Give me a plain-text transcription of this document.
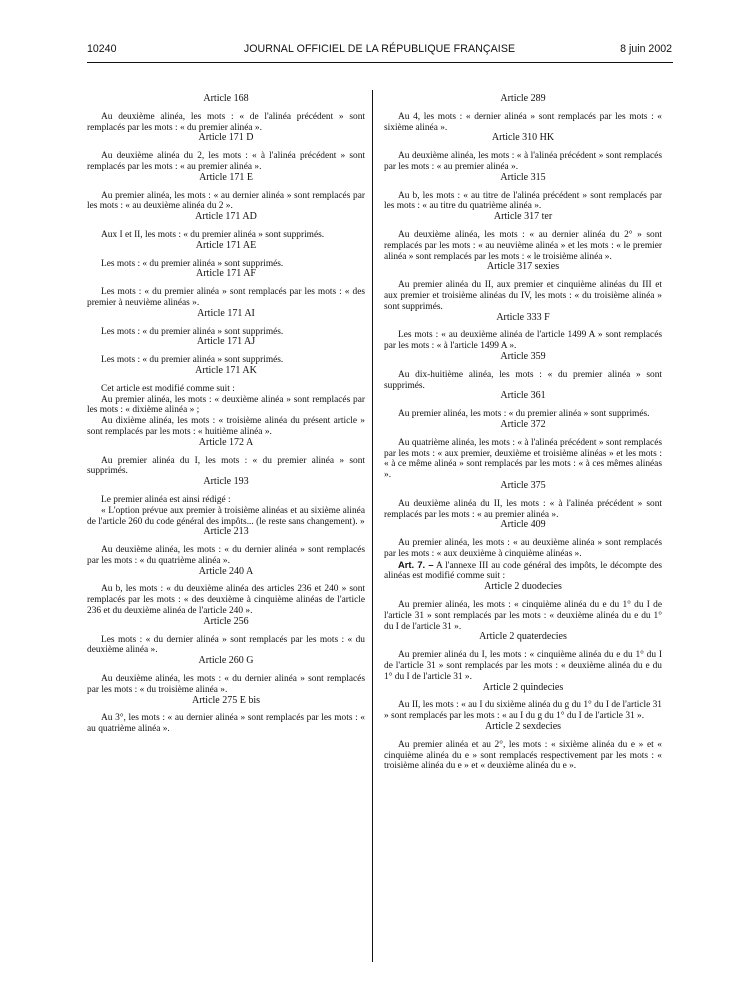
10240	JOURNAL OFFICIEL DE LA RÉPUBLIQUE FRANÇAISE	8 juin 2002
Article 168

Au deuxième alinéa, les mots : « de l'alinéa précédent » sont remplacés par les mots : « du premier alinéa ».

Article 171 D

Au deuxième alinéa du 2, les mots : « à l'alinéa précédent » sont remplacés par les mots : « au premier alinéa ».

Article 171 E

Au premier alinéa, les mots : « au dernier alinéa » sont remplacés par les mots : « au deuxième alinéa du 2 ».

Article 171 AD

Aux I et II, les mots : « du premier alinéa » sont supprimés.

Article 171 AE

Les mots : « du premier alinéa » sont supprimés.

Article 171 AF

Les mots : « du premier alinéa » sont remplacés par les mots : « des premier à neuvième alinéas ».

Article 171 AI

Les mots : « du premier alinéa » sont supprimés.

Article 171 AJ

Les mots : « du premier alinéa » sont supprimés.

Article 171 AK

Cet article est modifié comme suit :

Au premier alinéa, les mots : « deuxième alinéa » sont remplacés par les mots : « dixième alinéa » ;

Au dixième alinéa, les mots : « troisième alinéa du présent article » sont remplacés par les mots : « huitième alinéa ».

Article 172 A

Au premier alinéa du I, les mots : « du premier alinéa » sont supprimés.

Article 193

Le premier alinéa est ainsi rédigé :

« L'option prévue aux premier à troisième alinéas et au sixième alinéa de l'article 260 du code général des impôts... (le reste sans changement). »

Article 213

Au deuxième alinéa, les mots : « du dernier alinéa » sont remplacés par les mots : « du quatrième alinéa ».

Article 240 A

Au b, les mots : « du deuxième alinéa des articles 236 et 240 » sont remplacés par les mots : « des deuxième à cinquième alinéas de l'article 236 et du deuxième alinéa de l'article 240 ».

Article 256

Les mots : « du dernier alinéa » sont remplacés par les mots : « du deuxième alinéa ».

Article 260 G

Au deuxième alinéa, les mots : « du dernier alinéa » sont remplacés par les mots : « du troisième alinéa ».

Article 275 E bis

Au 3°, les mots : « au dernier alinéa » sont remplacés par les mots : « au quatrième alinéa ».

Article 289

Au 4, les mots : « dernier alinéa » sont remplacés par les mots : « sixième alinéa ».

Article 310 HK

Au deuxième alinéa, les mots : « à l'alinéa précédent » sont remplacés par les mots : « au premier alinéa ».

Article 315

Au b, les mots : « au titre de l'alinéa précédent » sont remplacés par les mots : « au titre du quatrième alinéa ».

Article 317 ter

Au deuxième alinéa, les mots : « au dernier alinéa du 2° » sont remplacés par les mots : « au neuvième alinéa » et les mots : « le premier alinéa » sont remplacés par les mots : « le troisième alinéa ».

Article 317 sexies

Au premier alinéa du II, aux premier et cinquième alinéas du III et aux premier et troisième alinéas du IV, les mots : « du troisième alinéa » sont supprimés.

Article 333 F

Les mots : « au deuxième alinéa de l'article 1499 A » sont remplacés par les mots : « à l'article 1499 A ».

Article 359

Au dix-huitième alinéa, les mots : « du premier alinéa » sont supprimés.

Article 361

Au premier alinéa, les mots : « du premier alinéa » sont supprimés.

Article 372

Au quatrième alinéa, les mots : « à l'alinéa précédent » sont remplacés par les mots : « aux premier, deuxième et troisième alinéas » et les mots : « à ce même alinéa » sont remplacés par les mots : « à ces mêmes alinéas ».

Article 375

Au deuxième alinéa du II, les mots : « à l'alinéa précédent » sont remplacés par les mots : « au premier alinéa ».

Article 409

Au premier alinéa, les mots : « au deuxième alinéa » sont remplacés par les mots : « aux deuxième à cinquième alinéas ».

Art. 7. – A l'annexe III au code général des impôts, le décompte des alinéas est modifié comme suit :

Article 2 duodecies

Au premier alinéa, les mots : « cinquième alinéa du e du 1° du I de l'article 31 » sont remplacés par les mots : « deuxième alinéa du e du 1° du I de l'article 31 ».

Article 2 quaterdecies

Au premier alinéa du I, les mots : « cinquième alinéa du e du 1° du I de l'article 31 » sont remplacés par les mots : « deuxième alinéa du e du 1° du I de l'article 31 ».

Article 2 quindecies

Au II, les mots : « au I du sixième alinéa du g du 1° du I de l'article 31 » sont remplacés par les mots : « au I du g du 1° du I de l'article 31 ».

Article 2 sexdecies

Au premier alinéa et au 2°, les mots : « sixième alinéa du e » et « cinquième alinéa du e » sont remplacés respectivement par les mots : « troisième alinéa du e » et « deuxième alinéa du e ».
